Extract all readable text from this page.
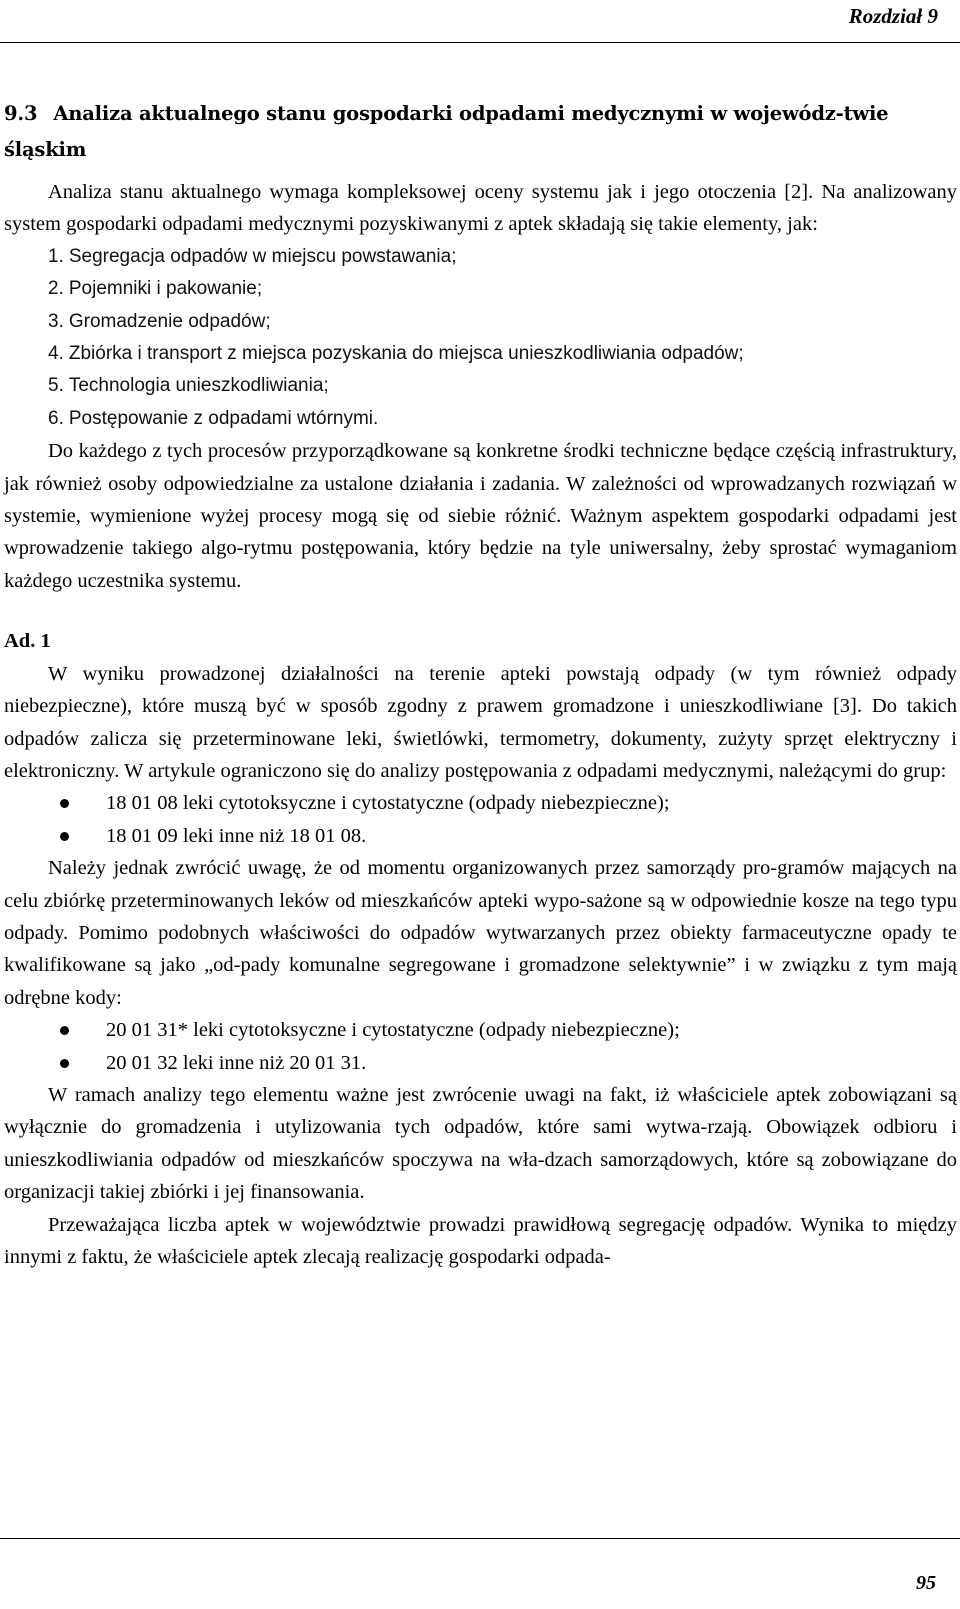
Rozdział 9
9.3 Analiza aktualnego stanu gospodarki odpadami medycznymi w wojewódz-twie śląskim

Analiza stanu aktualnego wymaga kompleksowej oceny systemu jak i jego otoczenia [2]. Na analizowany system gospodarki odpadami medycznymi pozyskiwanymi z aptek składają się takie elementy, jak:

1. Segregacja odpadów w miejscu powstawania;
2. Pojemniki i pakowanie;
3. Gromadzenie odpadów;
4. Zbiórka i transport z miejsca pozyskania do miejsca unieszkodliwiania odpadów;
5. Technologia unieszkodliwiania;
6. Postępowanie z odpadami wtórnymi.

Do każdego z tych procesów przyporządkowane są konkretne środki techniczne będące częścią infrastruktury, jak również osoby odpowiedzialne za ustalone działania i zadania. W zależności od wprowadzanych rozwiązań w systemie, wymienione wyżej procesy mogą się od siebie różnić. Ważnym aspektem gospodarki odpadami jest wprowadzenie takiego algo-rytmu postępowania, który będzie na tyle uniwersalny, żeby sprostać wymaganiom każdego uczestnika systemu.

Ad. 1

W wyniku prowadzonej działalności na terenie apteki powstają odpady (w tym również odpady niebezpieczne), które muszą być w sposób zgodny z prawem gromadzone i unieszkodliwiane [3]. Do takich odpadów zalicza się przeterminowane leki, świetlówki, termometry, dokumenty, zużyty sprzęt elektryczny i elektroniczny. W artykule ograniczono się do analizy postępowania z odpadami medycznymi, należącymi do grup:

18 01 08 leki cytotoksyczne i cytostatyczne (odpady niebezpieczne);
18 01 09 leki inne niż 18 01 08.

Należy jednak zwrócić uwagę, że od momentu organizowanych przez samorządy pro-gramów mających na celu zbiórkę przeterminowanych leków od mieszkańców apteki wypo-sażone są w odpowiednie kosze na tego typu odpady. Pomimo podobnych właściwości do odpadów wytwarzanych przez obiekty farmaceutyczne opady te kwalifikowane są jako „od-pady komunalne segregowane i gromadzone selektywnie” i w związku z tym mają odrębne kody:

20 01 31* leki cytotoksyczne i cytostatyczne (odpady niebezpieczne);
20 01 32 leki inne niż 20 01 31.

W ramach analizy tego elementu ważne jest zwrócenie uwagi na fakt, iż właściciele aptek zobowiązani są wyłącznie do gromadzenia i utylizowania tych odpadów, które sami wytwa-rzają. Obowiązek odbioru i unieszkodliwiania odpadów od mieszkańców spoczywa na wła-dzach samorządowych, które są zobowiązane do organizacji takiej zbiórki i jej finansowania.

Przeważająca liczba aptek w województwie prowadzi prawidłową segregację odpadów. Wynika to między innymi z faktu, że właściciele aptek zlecają realizację gospodarki odpada-

95
